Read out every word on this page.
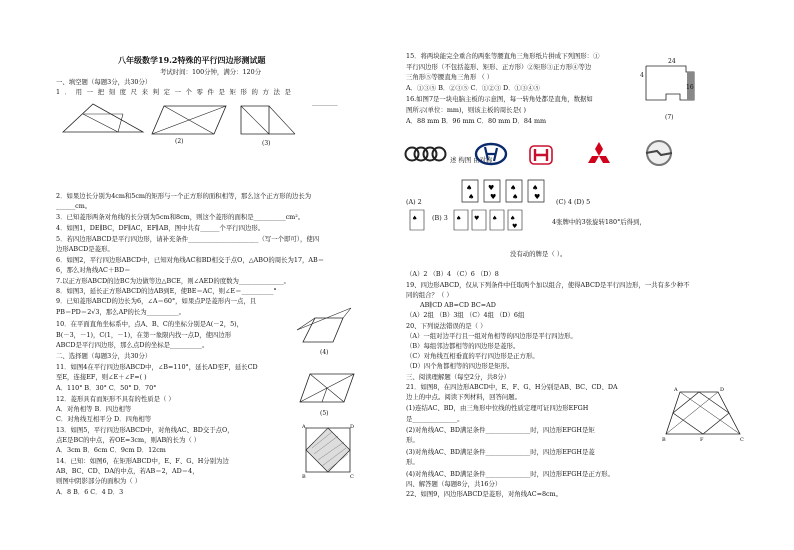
八年级数学19.2特殊的平行四边形测试题
考试时间：100分钟，满分：120分
一、填空题（每题3分，共30分）
1．用一把刻度尺来判定一个零件是矩形的方法是
________
(2)	(3)
2．如果边长分别为4cm和5cm的矩形与一个正方形的面积相等，那么这个正方形的边长为
______cm。
3．已知菱形两条对角线的长分别为5cm和8cm，则这个菱形的面积是__________cm²。
4．如图1，DE∥BC，DF∥AC，EF∥AB，图中共有______个平行四边形。
5．若四边形ABCD是平行四边形，请补充条件______________________（写一个即可），使四
边形ABCD是菱形。
6．如图2，平行四边形ABCD中，已知对角线AC和BD相交于点O，△ABO的周长为17，AB＝
6，那么对角线AC＋BD＝
7.以正方形ABCD的边BC为边做等边△BCE，则∠AED的度数为______________。
8．如图3，延长正方形ABCD的边AB到E，使BE＝AC，则∠E＝__________°
9．已知菱形ABCD的边长为6，∠A＝60°，如果点P是菱形内一点，且
PB＝PD＝2√3，那么AP的长为__________。
10．在平面直角坐标系中，点A、B、C的坐标分别是A(－2，5)，
B(－3，－1)，C(1，－1)，在第一象限内找一点D，使四边形
ABCD是平行四边形，那么点D的坐标是__________。
(4)
二、选择题（每题3分，共30分）
11．如图4在平行四边形ABCD中，∠B=110°，延长AD至F，延长CD
至E，连接EF，则∠E＋∠F=( )
A．110° B．30° C．50° D．70°
(5)
12．菱形具有而矩形不具有的性质是（ ）
A．对角相等 B．四边相等
C．对角线互相平分 D．四角相等
13．如图5，平行四边形ABCD中，对角线AC、BD交于点O，
点E是BC的中点，若OE=3cm，则AB的长为（ ）
A．3cm B．6cm C．9cm D．12cm
14．已知：如图6，在矩形ABCD中，E、F、G、H分别为边
AB、BC、CD、DA的中点，若AB＝2，AD＝4，
则图中阴影部分的面积为（ ）
A．8 B．6 C．4 D．3
A	D
B	C
15．将两块能完全重合的两张等腰直角三角形纸片拼成下列图形：①
平行四边形（不包括菱形、矩形、正方形）②矩形③正方形④等边
三角形⑤等腰直角三角形 （ ）
A．①③⑤ B．②③⑤ C．①②③ D．①③④⑤
16.如图7是一块电脑主板的示意图，每一转角处都是直角，数据如
图所示(单位：mm)，则该主板的周长是( )
A．88 mm B．96 mm C．80 mm D．84 mm
24
4
16
(7)
述 构图 由对称
♠ ♥ ♠ ♠
♠ ♥ ♠ ♥
(C) 4 (D) 5
(A) 2
♠	♠ ♥ ♠ ♠
♥
(B) 3	4张牌中的3张旋转180°后得到，
没有动的牌是（ ）。
（A）2 （B）4 （C）6 （D）8
19、四边形ABCD，仅从下列条件中任取两个加以组合，使得ABCD是平行四边形，一共有多少种不
同的组合？（ ）
AB∥CD AB=CD BC=AD
（A）2组 （B）3组 （C）4组 （D）6组
20、下列说法错误的是（ ）
（A）一组对边平行且一组对角相等的四边形是平行四边形。
（B）每组邻边都相等的四边形是菱形。
（C）对角线互相垂直的平行四边形是正方形。
（D）四个角都相等的四边形是矩形。
三、阅读理解题（每空2分，共8分）
21．如图8，在四边形ABCD中，E、F、G、H分别是AB、BC、CD、DA
边上的中点。阅读下列材料，回答问题。
(1)连结AC、BD，由三角形中位线的性质定理可证四边形EFGH
是______________。
(2)对角线AC、BD满足条件______________时，四边形EFGH是矩
形。
(3)对角线AC、BD满足条件______________时，四边形EFGH是菱
形。
(4)对角线AC、BD满足条件______________时，四边形EFGH是正方形。
四、解答题（每题8分，共16分）
22、如图9，四边形ABCD是菱形，对角线AC=8cm。
A	D
B	C
F
